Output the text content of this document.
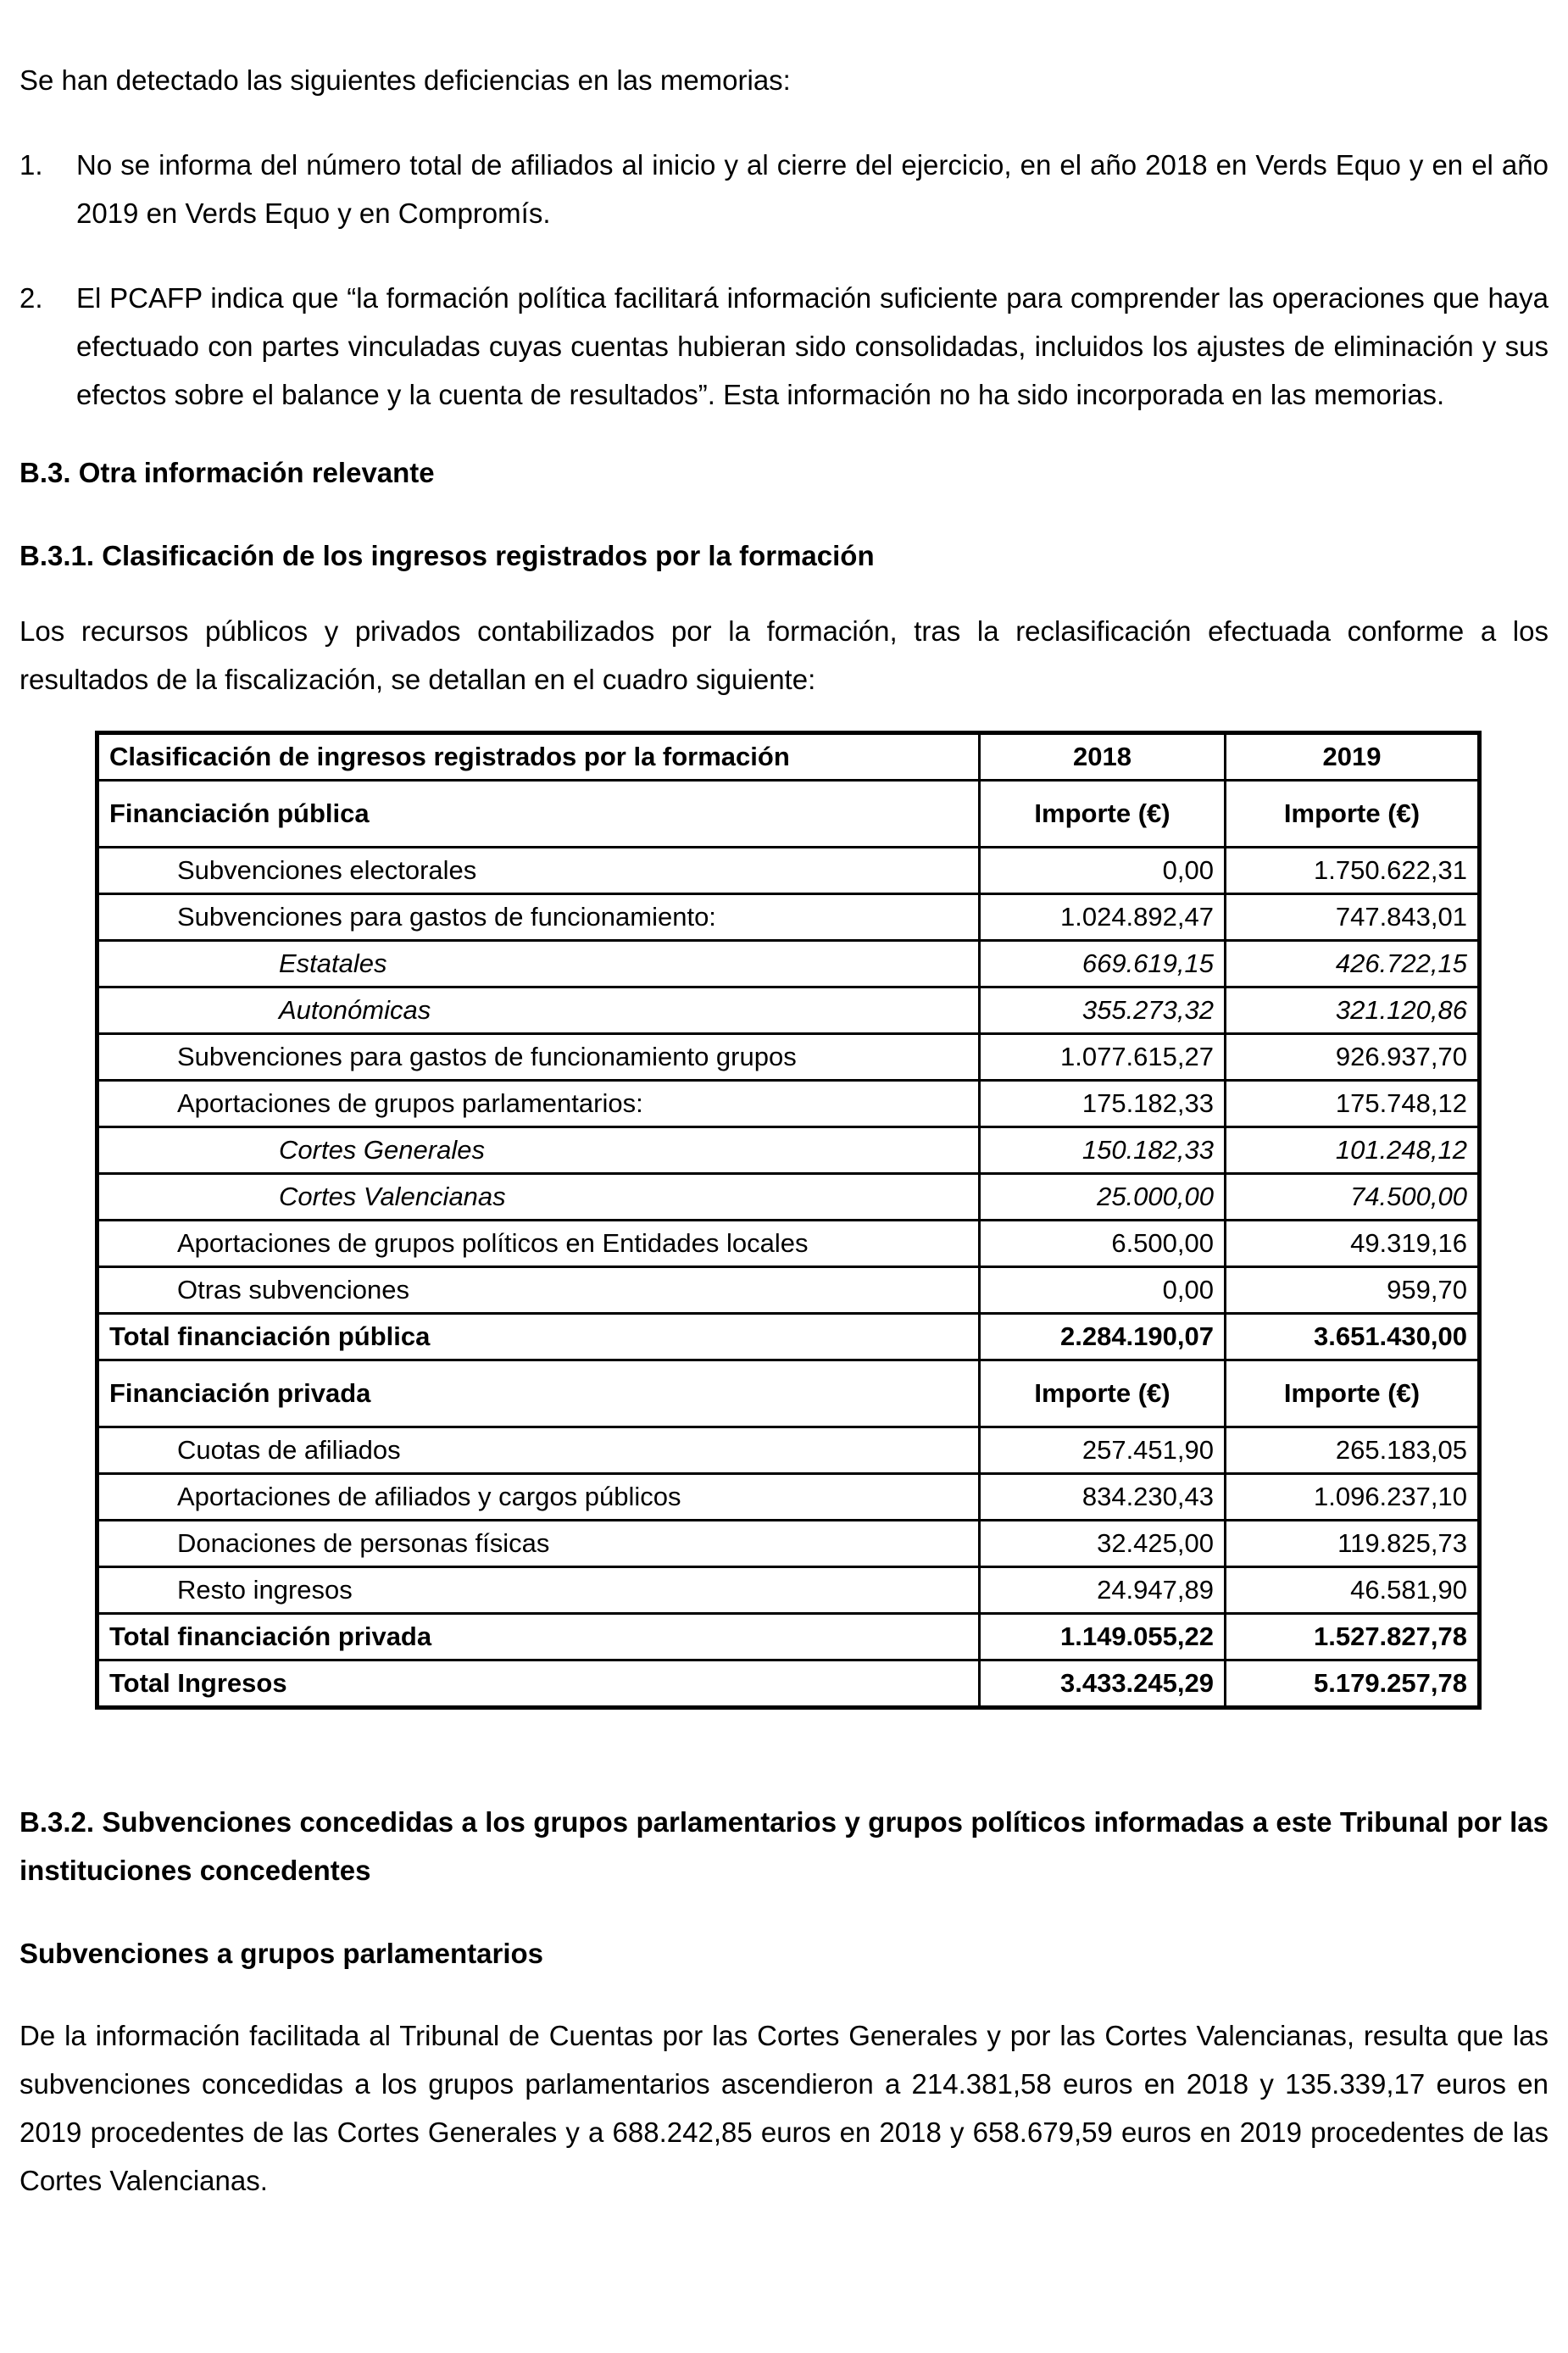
Se han detectado las siguientes deficiencias en las memorias:

1.	No se informa del número total de afiliados al inicio y al cierre del ejercicio, en el año 2018 en Verds Equo y en el año 2019 en Verds Equo y en Compromís.
2.	El PCAFP indica que “la formación política facilitará información suficiente para comprender las operaciones que haya efectuado con partes vinculadas cuyas cuentas hubieran sido consolidadas, incluidos los ajustes de eliminación y sus efectos sobre el balance y la cuenta de resultados”. Esta información no ha sido incorporada en las memorias.
B.3. Otra información relevante
B.3.1. Clasificación de los ingresos registrados por la formación

Los recursos públicos y privados contabilizados por la formación, tras la reclasificación efectuada conforme a los resultados de la fiscalización, se detallan en el cuadro siguiente:

Clasificación de ingresos registrados por la formación	2018	2019
Financiación pública	Importe (€)	Importe (€)
Subvenciones electorales	0,00	1.750.622,31
Subvenciones para gastos de funcionamiento:	1.024.892,47	747.843,01
Estatales	669.619,15	426.722,15
Autonómicas	355.273,32	321.120,86
Subvenciones para gastos de funcionamiento grupos	1.077.615,27	926.937,70
Aportaciones de grupos parlamentarios:	175.182,33	175.748,12
Cortes Generales	150.182,33	101.248,12
Cortes Valencianas	25.000,00	74.500,00
Aportaciones de grupos políticos en Entidades locales	6.500,00	49.319,16
Otras subvenciones	0,00	959,70
Total financiación pública	2.284.190,07	3.651.430,00
Financiación privada	Importe (€)	Importe (€)
Cuotas de afiliados	257.451,90	265.183,05
Aportaciones de afiliados y cargos públicos	834.230,43	1.096.237,10
Donaciones de personas físicas	32.425,00	119.825,73
Resto ingresos	24.947,89	46.581,90
Total financiación privada	1.149.055,22	1.527.827,78
Total Ingresos	3.433.245,29	5.179.257,78
B.3.2. Subvenciones concedidas a los grupos parlamentarios y grupos políticos informadas a este Tribunal por las instituciones concedentes
Subvenciones a grupos parlamentarios

De la información facilitada al Tribunal de Cuentas por las Cortes Generales y por las Cortes Valencianas, resulta que las subvenciones concedidas a los grupos parlamentarios ascendieron a 214.381,58 euros en 2018 y 135.339,17 euros en 2019 procedentes de las Cortes Generales y a 688.242,85 euros en 2018 y 658.679,59 euros en 2019 procedentes de las Cortes Valencianas.
